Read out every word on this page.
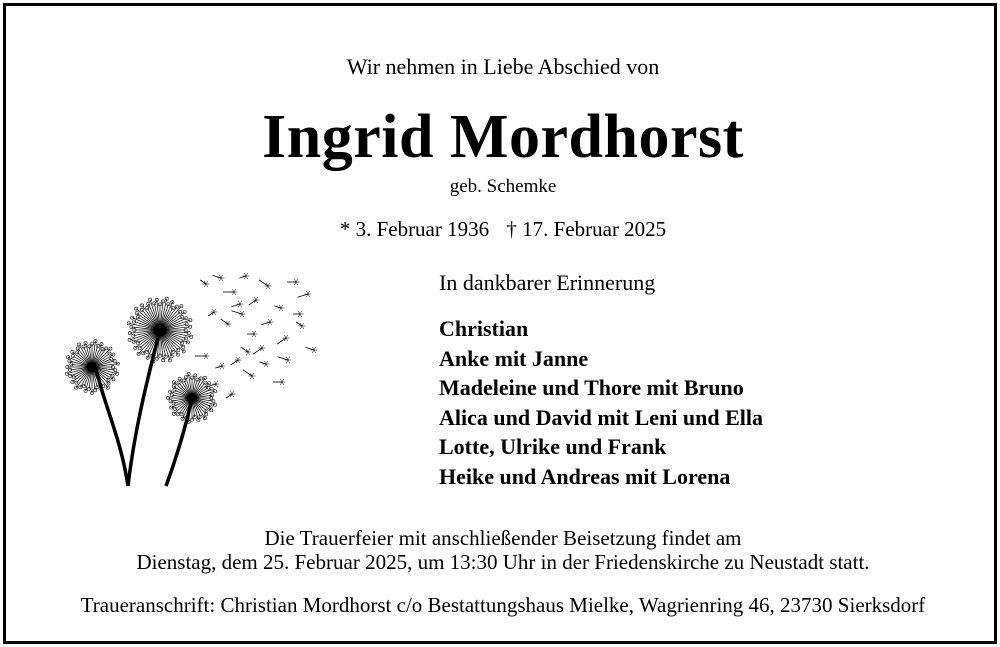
Wir nehmen in Liebe Abschied von
Ingrid Mordhorst
geb. Schemke
* 3. Februar 1936 † 17. Februar 2025
In dankbarer Erinnerung
Christian
Anke mit Janne
Madeleine und Thore mit Bruno
Alica und David mit Leni und Ella
Lotte, Ulrike und Frank
Heike und Andreas mit Lorena
Die Trauerfeier mit anschließender Beisetzung findet am
Dienstag, dem 25. Februar 2025, um 13:30 Uhr in der Friedenskirche zu Neustadt statt.
Traueranschrift: Christian Mordhorst c/o Bestattungshaus Mielke, Wagrienring 46, 23730 Sierksdorf
